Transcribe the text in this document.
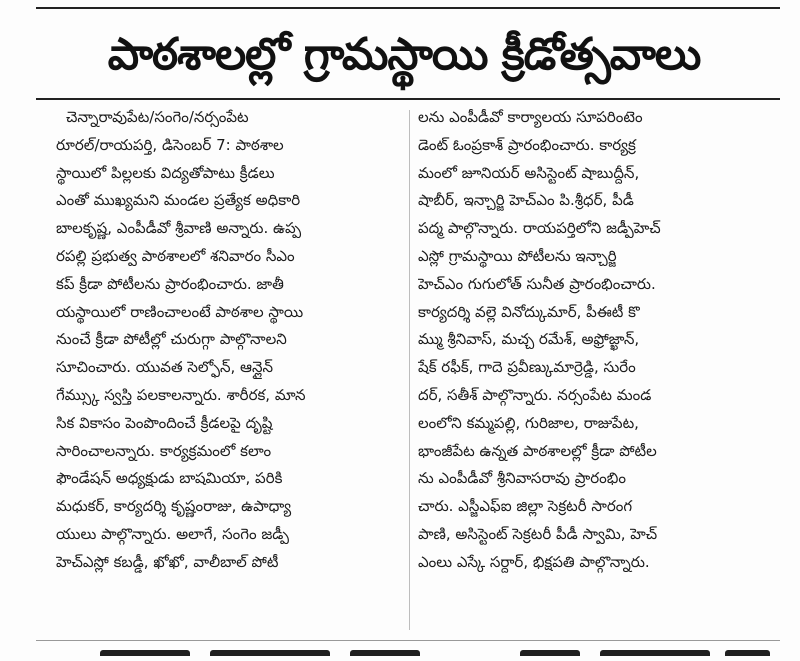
పాఠశాలల్లో గ్రామస్థాయి క్రీడోత్సవాలు
చెన్నారావుపేట/సంగెం/నర్సంపేట
రూరల్/రాయపర్తి, డిసెంబర్ 7: పాఠశాల
స్థాయిలో పిల్లలకు విద్యతోపాటు క్రీడలు
ఎంతో ముఖ్యమని మండల ప్రత్యేక అధికారి
బాలకృష్ణ, ఎంపీడీవో శ్రీవాణి అన్నారు. ఉప్ప
రపల్లి ప్రభుత్వ పాఠశాలలో శనివారం సీఎం
కప్ క్రీడా పోటీలను ప్రారంభించారు. జాతీ
యస్థాయిలో రాణించాలంటే పాఠశాల స్థాయి
నుంచే క్రీడా పోటీల్లో చురుగ్గా పాల్గొనాలని
సూచించారు. యువత సెల్ఫోన్, ఆన్లైన్
గేమ్స్కు స్వస్తి పలకాలన్నారు. శారీరక, మాన
సిక వికాసం పెంపొందించే క్రీడలపై దృష్టి
సారించాలన్నారు. కార్యక్రమంలో కలాం
ఫౌండేషన్ అధ్యక్షుడు బాషమియా, పరికి
మధుకర్, కార్యదర్శి కృష్ణంరాజు, ఉపాధ్యా
యులు పాల్గొన్నారు. అలాగే, సంగెం జడ్పీ
హెచ్ఎస్లో కబడ్డీ, ఖోఖో, వాలీబాల్ పోటీ
లను ఎంపీడీవో కార్యాలయ సూపరింటెం
డెంట్ ఓంప్రకాశ్ ప్రారంభించారు. కార్యక్ర
మంలో జూనియర్ అసిస్టెంట్ షాబుద్దీన్,
షాబీర్, ఇన్చార్జి హెచ్ఎం పి.శ్రీధర్, పీడీ
పద్మ పాల్గొన్నారు. రాయపర్తిలోని జడ్పీహెచ్
ఎస్లో గ్రామస్థాయి పోటీలను ఇన్చార్జి
హెచ్ఎం గుగులోత్ సునీత ప్రారంభించారు.
కార్యదర్శి వల్లె వినోద్కుమార్, పీఈటీ కొ
మ్ము శ్రీనివాస్, మచ్చ రమేశ్, అఫ్రోజ్ఖాన్,
షేక్ రఫీక్, గాదె ప్రవీణ్కుమార్రెడ్డి, సురేం
దర్, సతీశ్ పాల్గొన్నారు. నర్సంపేట మండ
లంలోని కమ్మపల్లి, గురిజాల, రాజుపేట,
భాంజీపేట ఉన్నత పాఠశాలల్లో క్రీడా పోటీల
ను ఎంపీడీవో శ్రీనివాసరావు ప్రారంభిం
చారు. ఎస్జీఎఫ్ఐ జిల్లా సెక్రటరీ సారంగ
పాణి, అసిస్టెంట్ సెక్రటరీ పీడీ స్వామి, హెచ్
ఎంలు ఎస్కే సర్దార్, భిక్షపతి పాల్గొన్నారు.
